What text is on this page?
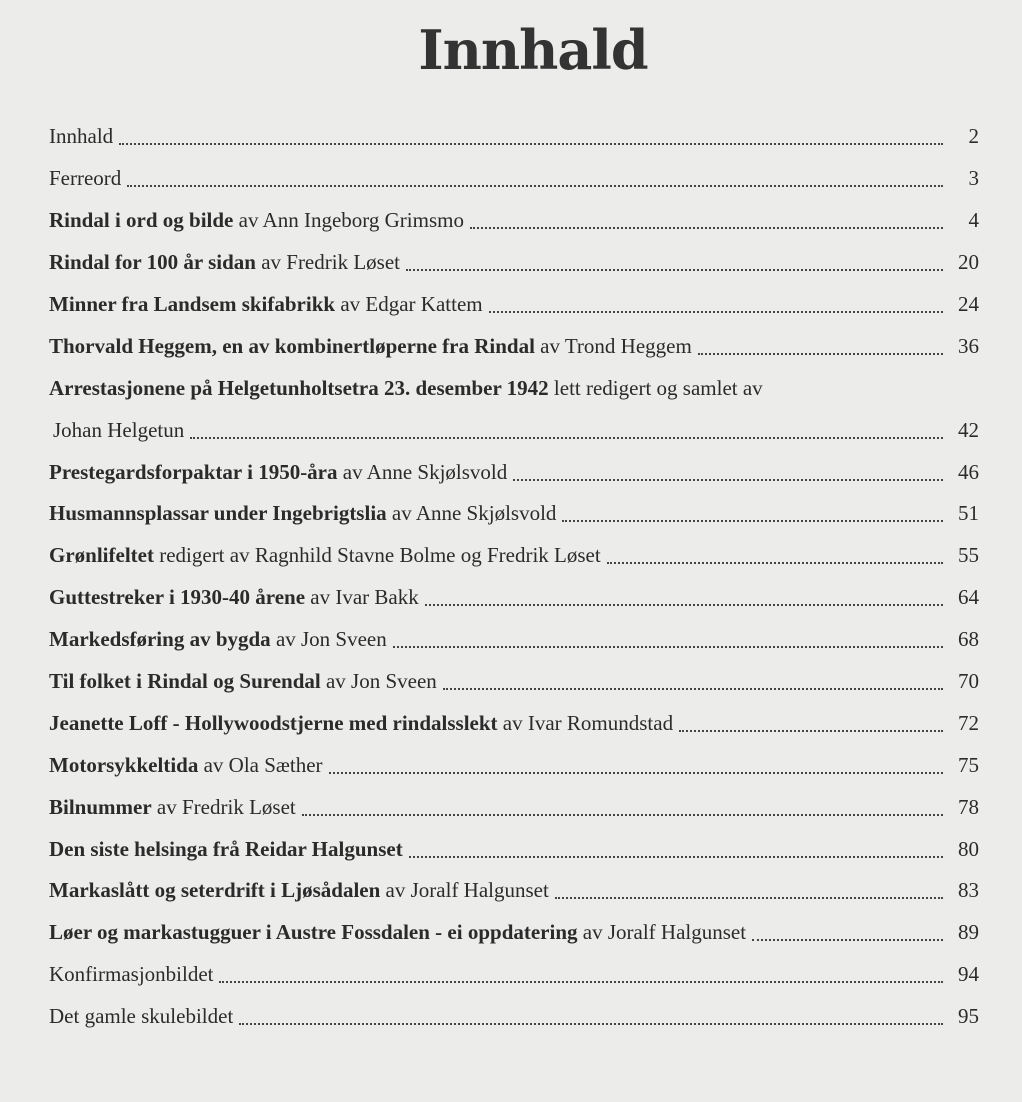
Innhald
Innhald	2
Ferreord	3
Rindal i ord og bilde av Ann Ingeborg Grimsmo	4
Rindal for 100 år sidan av Fredrik Løset	20
Minner fra Landsem skifabrikk av Edgar Kattem	24
Thorvald Heggem, en av kombinertløperne fra Rindal av Trond Heggem	36
Arrestasjonene på Helgetunholtsetra 23. desember 1942 lett redigert og samlet av
Johan Helgetun	42
Prestegardsforpaktar i 1950-åra av Anne Skjølsvold	46
Husmannsplassar under Ingebrigtslia av Anne Skjølsvold	51
Grønlifeltet redigert av Ragnhild Stavne Bolme og Fredrik Løset	55
Guttestreker i 1930-40 årene av Ivar Bakk	64
Markedsføring av bygda av Jon Sveen	68
Til folket i Rindal og Surendal av Jon Sveen	70
Jeanette Loff - Hollywoodstjerne med rindalsslekt av Ivar Romundstad	72
Motorsykkeltida av Ola Sæther	75
Bilnummer av Fredrik Løset	78
Den siste helsinga frå Reidar Halgunset	80
Markaslått og seterdrift i Ljøsådalen av Joralf Halgunset	83
Løer og markastugguer i Austre Fossdalen - ei oppdatering av Joralf Halgunset	89
Konfirmasjonbildet	94
Det gamle skulebildet	95
